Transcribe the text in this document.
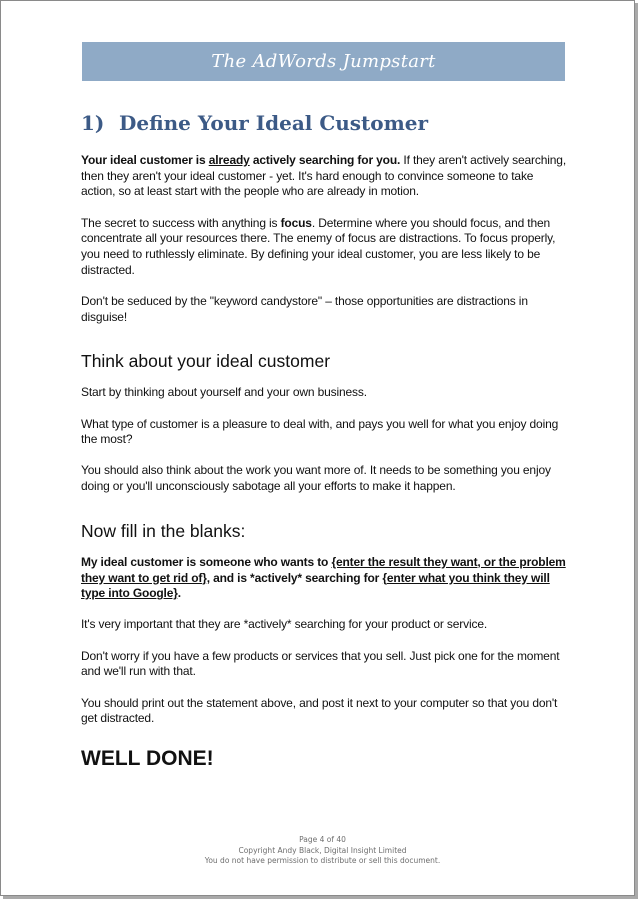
The AdWords Jumpstart
1) Define Your Ideal Customer

Your ideal customer is already actively searching for you. If they aren't actively searching, then they aren't your ideal customer - yet. It's hard enough to convince someone to take action, so at least start with the people who are already in motion.

The secret to success with anything is focus. Determine where you should focus, and then concentrate all your resources there. The enemy of focus are distractions. To focus properly, you need to ruthlessly eliminate. By defining your ideal customer, you are less likely to be distracted.

Don't be seduced by the "keyword candystore" – those opportunities are distractions in disguise!

Think about your ideal customer

Start by thinking about yourself and your own business.

What type of customer is a pleasure to deal with, and pays you well for what you enjoy doing the most?

You should also think about the work you want more of. It needs to be something you enjoy doing or you'll unconsciously sabotage all your efforts to make it happen.

Now fill in the blanks:

My ideal customer is someone who wants to {enter the result they want, or the problem they want to get rid of}, and is *actively* searching for {enter what you think they will type into Google}.

It's very important that they are *actively* searching for your product or service.

Don't worry if you have a few products or services that you sell. Just pick one for the moment and we'll run with that.

You should print out the statement above, and post it next to your computer so that you don't get distracted.

WELL DONE!
Page 4 of 40
Copyright Andy Black, Digital Insight Limited
You do not have permission to distribute or sell this document.
